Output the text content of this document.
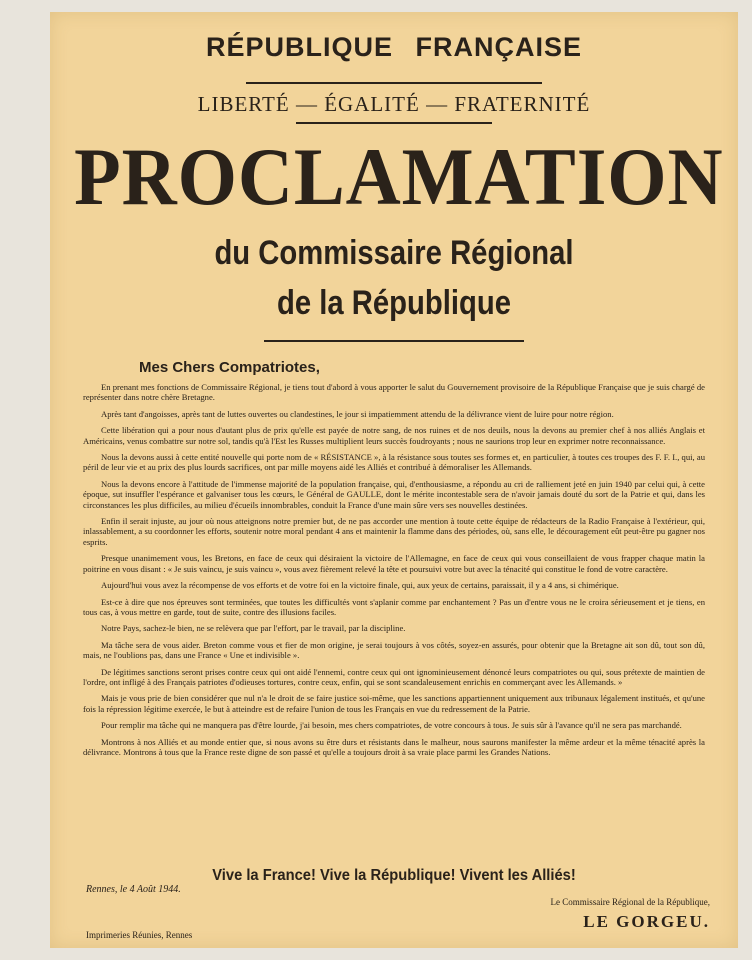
RÉPUBLIQUE FRANÇAISE
LIBERTÉ — ÉGALITÉ — FRATERNITÉ
PROCLAMATION
du Commissaire Régional
de la République
Mes Chers Compatriotes,

En prenant mes fonctions de Commissaire Régional, je tiens tout d'abord à vous apporter le salut du Gouvernement provisoire de la République Française que je suis chargé de représenter dans notre chère Bretagne.

Après tant d'angoisses, après tant de luttes ouvertes ou clandestines, le jour si impatiemment attendu de la délivrance vient de luire pour notre région.

Cette libération qui a pour nous d'autant plus de prix qu'elle est payée de notre sang, de nos ruines et de nos deuils, nous la devons au premier chef à nos alliés Anglais et Américains, venus combattre sur notre sol, tandis qu'à l'Est les Russes multiplient leurs succès foudroyants ; nous ne saurions trop leur en exprimer notre reconnaissance.

Nous la devons aussi à cette entité nouvelle qui porte nom de « RÉSISTANCE », à la résistance sous toutes ses formes et, en particulier, à toutes ces troupes des F. F. I., qui, au péril de leur vie et au prix des plus lourds sacrifices, ont par mille moyens aidé les Alliés et contribué à démoraliser les Allemands.

Nous la devons encore à l'attitude de l'immense majorité de la population française, qui, d'enthousiasme, a répondu au cri de ralliement jeté en juin 1940 par celui qui, à cette époque, sut insuffler l'espérance et galvaniser tous les cœurs, le Général de GAULLE, dont le mérite incontestable sera de n'avoir jamais douté du sort de la Patrie et qui, dans les circonstances les plus difficiles, au milieu d'écueils innombrables, conduit la France d'une main sûre vers ses nouvelles destinées.

Enfin il serait injuste, au jour où nous atteignons notre premier but, de ne pas accorder une mention à toute cette équipe de rédacteurs de la Radio Française à l'extérieur, qui, inlassablement, a su coordonner les efforts, soutenir notre moral pendant 4 ans et maintenir la flamme dans des périodes, où, sans elle, le découragement eût peut-être pu gagner nos esprits.

Presque unanimement vous, les Bretons, en face de ceux qui désiraient la victoire de l'Allemagne, en face de ceux qui vous conseillaient de vous frapper chaque matin la poitrine en vous disant : « Je suis vaincu, je suis vaincu », vous avez fièrement relevé la tête et poursuivi votre but avec la ténacité qui constitue le fond de votre caractère.

Aujourd'hui vous avez la récompense de vos efforts et de votre foi en la victoire finale, qui, aux yeux de certains, paraissait, il y a 4 ans, si chimérique.

Est-ce à dire que nos épreuves sont terminées, que toutes les difficultés vont s'aplanir comme par enchantement ? Pas un d'entre vous ne le croira sérieusement et je tiens, en tous cas, à vous mettre en garde, tout de suite, contre des illusions faciles.

Notre Pays, sachez-le bien, ne se relèvera que par l'effort, par le travail, par la discipline.

Ma tâche sera de vous aider. Breton comme vous et fier de mon origine, je serai toujours à vos côtés, soyez-en assurés, pour obtenir que la Bretagne ait son dû, tout son dû, mais, ne l'oublions pas, dans une France « Une et indivisible ».

De légitimes sanctions seront prises contre ceux qui ont aidé l'ennemi, contre ceux qui ont ignominieusement dénoncé leurs compatriotes ou qui, sous prétexte de maintien de l'ordre, ont infligé à des Français patriotes d'odieuses tortures, contre ceux, enfin, qui se sont scandaleusement enrichis en commerçant avec les Allemands. »

Mais je vous prie de bien considérer que nul n'a le droit de se faire justice soi-même, que les sanctions appartiennent uniquement aux tribunaux légalement institués, et qu'une fois la répression légitime exercée, le but à atteindre est de refaire l'union de tous les Français en vue du redressement de la Patrie.

Pour remplir ma tâche qui ne manquera pas d'être lourde, j'ai besoin, mes chers compatriotes, de votre concours à tous. Je suis sûr à l'avance qu'il ne sera pas marchandé.

Montrons à nos Alliés et au monde entier que, si nous avons su être durs et résistants dans le malheur, nous saurons manifester la même ardeur et la même ténacité après la délivrance. Montrons à tous que la France reste digne de son passé et qu'elle a toujours droit à sa vraie place parmi les Grandes Nations.

Vive la France! Vive la République! Vivent les Alliés!
Rennes, le 4 Août 1944.
Le Commissaire Régional de la République,
LE GORGEU.
Imprimeries Réunies, Rennes
